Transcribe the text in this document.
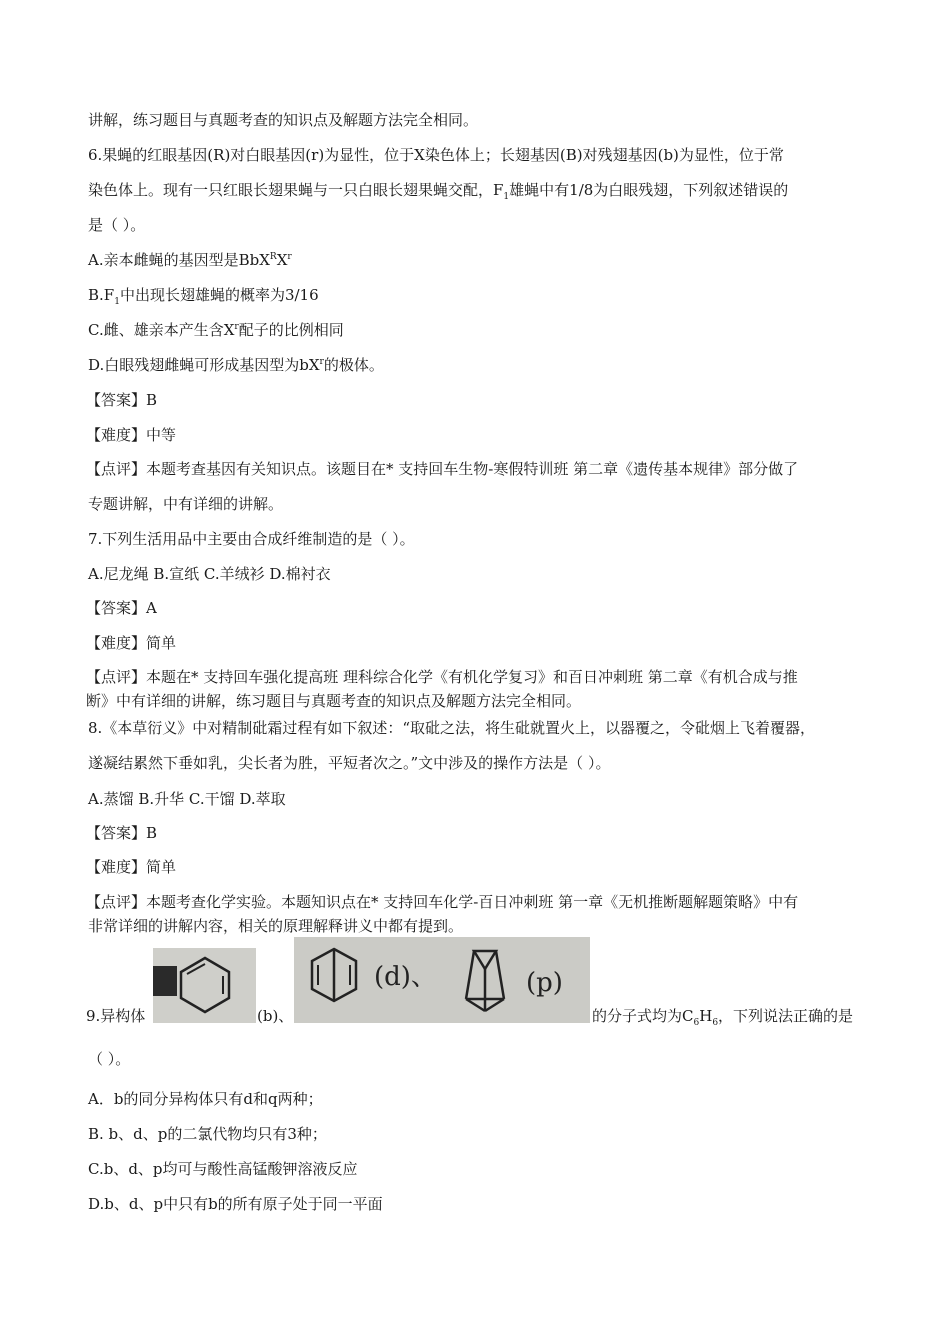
讲解，练习题目与真题考查的知识点及解题方法完全相同。
6.果蝇的红眼基因(R)对白眼基因(r)为显性，位于X染色体上；长翅基因(B)对残翅基因(b)为显性，位于常
染色体上。现有一只红眼长翅果蝇与一只白眼长翅果蝇交配，$F_1$雄蝇中有1/8为白眼残翅，下列叙述错误的
是（ ）。
A.亲本雌蝇的基因型是$BbX^RX^r$
$B.F_1$中出现长翅雄蝇的概率为3/16
C.雌、雄亲本产生含$X^r$配子的比例相同
D.白眼残翅雌蝇可形成基因型为$bX^r$的极体。
【答案】B
【难度】中等
【点评】本题考查基因有关知识点。该题目在* 支持回车生物-寒假特训班 第二章《遗传基本规律》部分做了
专题讲解，中有详细的讲解。
7.下列生活用品中主要由合成纤维制造的是（ ）。
A.尼龙绳 B.宣纸 C.羊绒衫 D.棉衬衣
【答案】A
【难度】简单
【点评】本题在* 支持回车强化提高班 理科综合化学《有机化学复习》和百日冲刺班 第二章《有机合成与推
断》中有详细的讲解，练习题目与真题考查的知识点及解题方法完全相同。
8.《本草衍义》中对精制砒霜过程有如下叙述：“取砒之法，将生砒就置火上，以器覆之，令砒烟上飞着覆器，
遂凝结累然下垂如乳，尖长者为胜，平短者次之。”文中涉及的操作方法是（ ）。
A.蒸馏 B.升华 C.干馏 D.萃取
【答案】B
【难度】简单
【点评】本题考查化学实验。本题知识点在* 支持回车化学-百日冲刺班 第一章《无机推断题解题策略》中有
非常详细的讲解内容，相关的原理解释讲义中都有提到。
(d)、	(p)
9.异构体	(b)、	的分子式均为$C_6H_6$，下列说法正确的是
（ ）。
A．b的同分异构体只有d和q两种；
B. b、d、p的二氯代物均只有3种；
C.b、d、p均可与酸性高锰酸钾溶液反应
D.b、d、p中只有b的所有原子处于同一平面
